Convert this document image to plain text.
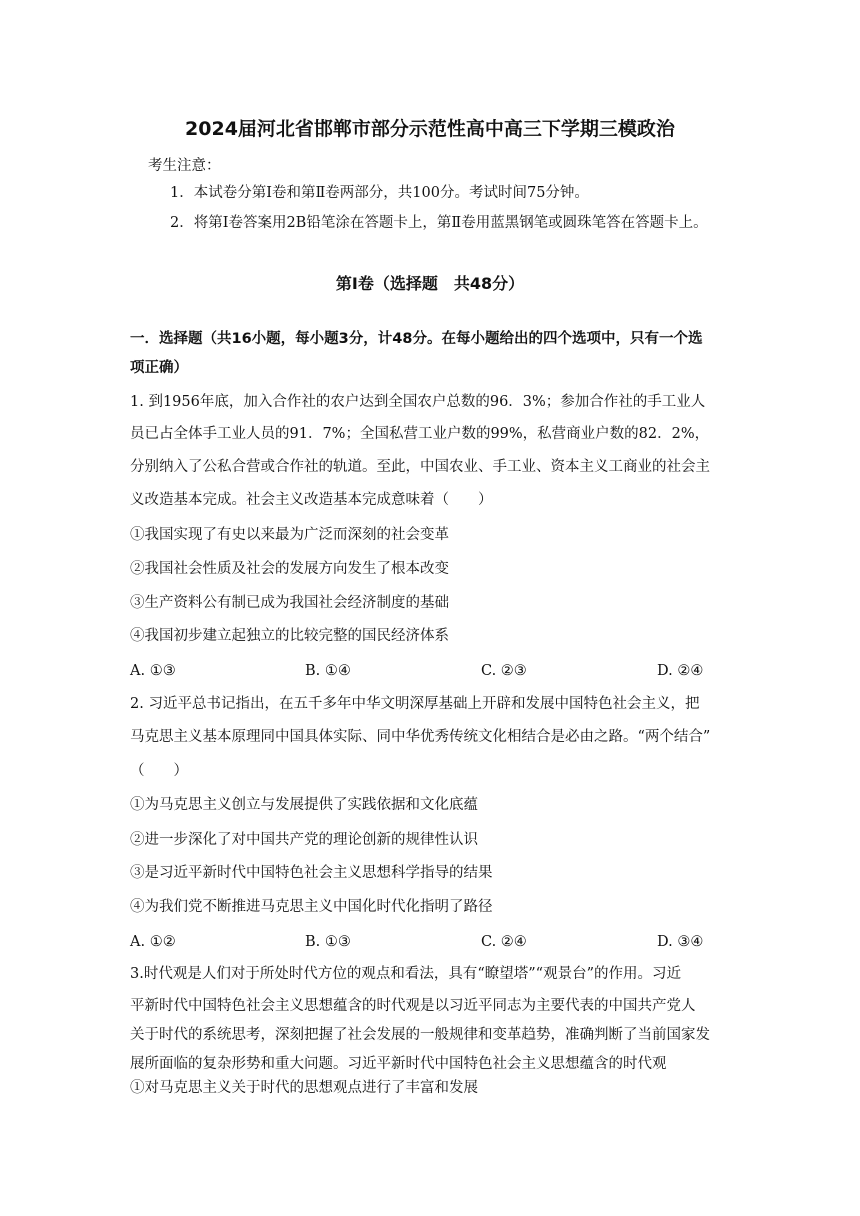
2024届河北省邯郸市部分示范性高中高三下学期三模政治
考生注意：
1．本试卷分第Ⅰ卷和第Ⅱ卷两部分，共100分。考试时间75分钟。
2．将第Ⅰ卷答案用2B铅笔涂在答题卡上，第Ⅱ卷用蓝黑钢笔或圆珠笔答在答题卡上。
第Ⅰ卷（选择题　共48分）
一．选择题（共16小题，每小题3分，计48分。在每小题给出的四个选项中，只有一个选
项正确）
1. 到1956年底，加入合作社的农户达到全国农户总数的96．3%；参加合作社的手工业人
员已占全体手工业人员的91．7%；全国私营工业户数的99%，私营商业户数的82．2%，
分别纳入了公私合营或合作社的轨道。至此，中国农业、手工业、资本主义工商业的社会主
义改造基本完成。社会主义改造基本完成意味着（　　）
①我国实现了有史以来最为广泛而深刻的社会变革
②我国社会性质及社会的发展方向发生了根本改变
③生产资料公有制已成为我国社会经济制度的基础
④我国初步建立起独立的比较完整的国民经济体系
A. ①③	B. ①④	C. ②③	D. ②④
2. 习近平总书记指出，在五千多年中华文明深厚基础上开辟和发展中国特色社会主义，把
马克思主义基本原理同中国具体实际、同中华优秀传统文化相结合是必由之路。“两个结合”
（　　）
①为马克思主义创立与发展提供了实践依据和文化底蕴
②进一步深化了对中国共产党的理论创新的规律性认识
③是习近平新时代中国特色社会主义思想科学指导的结果
④为我们党不断推进马克思主义中国化时代化指明了路径
A. ①②	B. ①③	C. ②④	D. ③④
3.时代观是人们对于所处时代方位的观点和看法，具有“瞭望塔”“观景台”的作用。习近
平新时代中国特色社会主义思想蕴含的时代观是以习近平同志为主要代表的中国共产党人
关于时代的系统思考，深刻把握了社会发展的一般规律和变革趋势，准确判断了当前国家发
展所面临的复杂形势和重大问题。习近平新时代中国特色社会主义思想蕴含的时代观
①对马克思主义关于时代的思想观点进行了丰富和发展
